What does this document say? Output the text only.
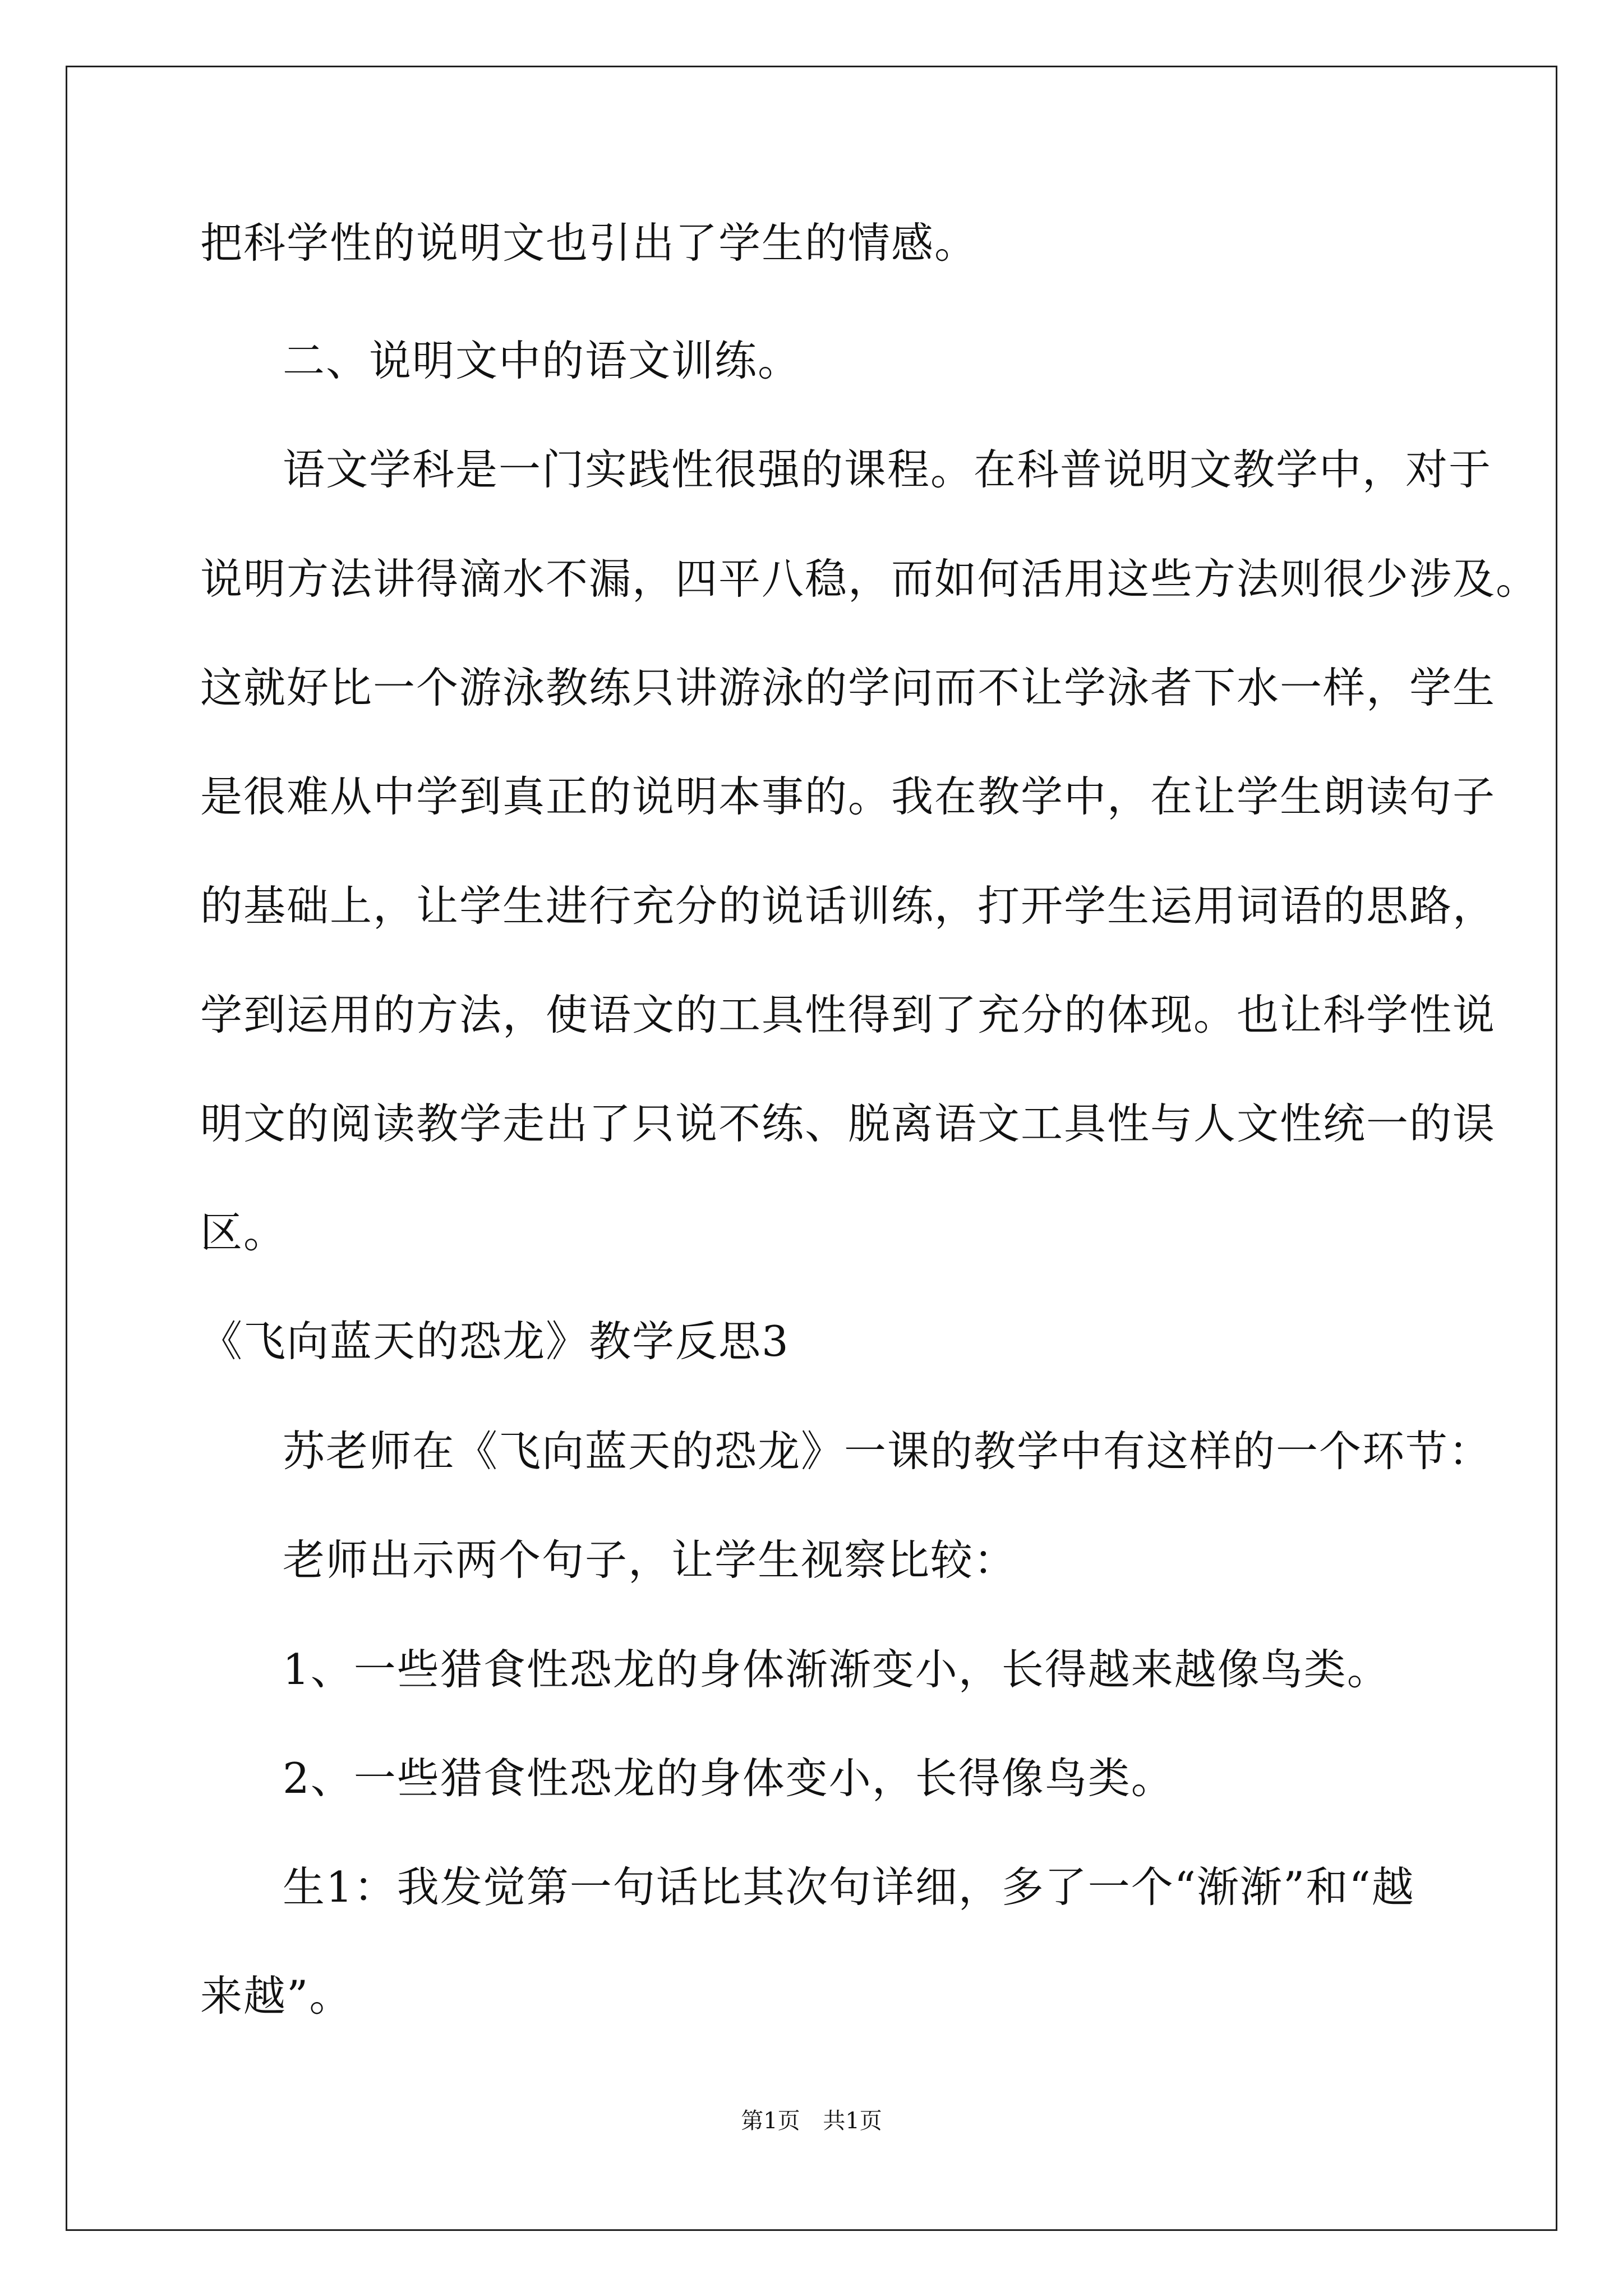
把科学性的说明文也引出了学生的情感。
二、说明文中的语文训练。
语文学科是一门实践性很强的课程。在科普说明文教学中，对于
说明方法讲得滴水不漏，四平八稳，而如何活用这些方法则很少涉及。
这就好比一个游泳教练只讲游泳的学问而不让学泳者下水一样，学生
是很难从中学到真正的说明本事的。我在教学中，在让学生朗读句子
的基础上，让学生进行充分的说话训练，打开学生运用词语的思路，
学到运用的方法，使语文的工具性得到了充分的体现。也让科学性说
明文的阅读教学走出了只说不练、脱离语文工具性与人文性统一的误
区。
《飞向蓝天的恐龙》教学反思3
苏老师在《飞向蓝天的恐龙》一课的教学中有这样的一个环节：
老师出示两个句子，让学生视察比较：
1、一些猎食性恐龙的身体渐渐变小，长得越来越像鸟类。
2、一些猎食性恐龙的身体变小，长得像鸟类。
生1：我发觉第一句话比其次句详细，多了一个“渐渐”和“越
来越”。
第1页 共1页
